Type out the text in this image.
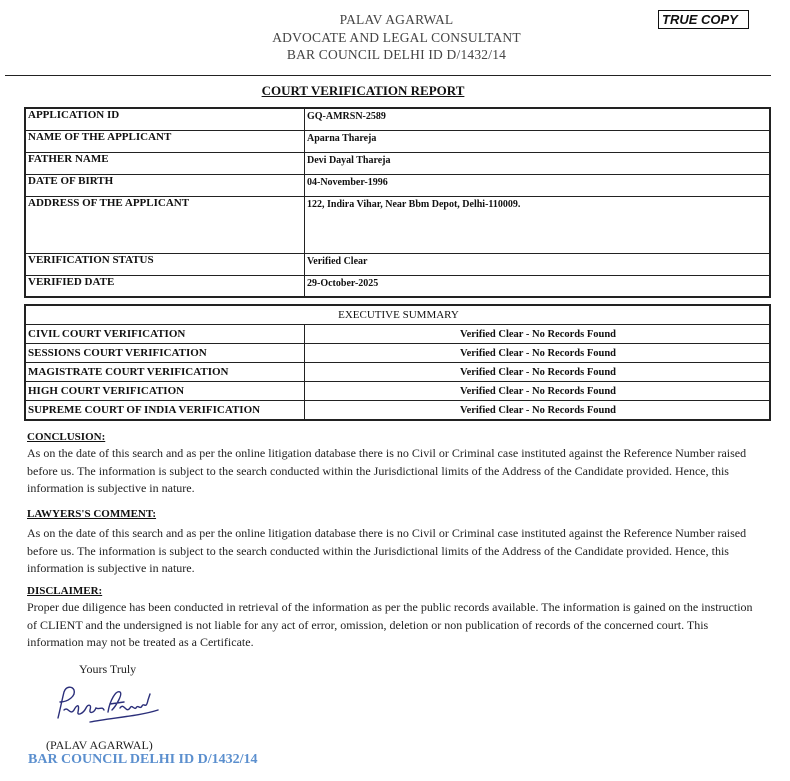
PALAV AGARWAL
ADVOCATE AND LEGAL CONSULTANT
BAR COUNCIL DELHI ID D/1432/14
TRUE COPY
COURT VERIFICATION REPORT
APPLICATION ID	GQ-AMRSN-2589
NAME OF THE APPLICANT	Aparna Thareja
FATHER NAME	Devi Dayal Thareja
DATE OF BIRTH	04-November-1996
ADDRESS OF THE APPLICANT	122, Indira Vihar, Near Bbm Depot, Delhi-110009.
VERIFICATION STATUS	Verified Clear
VERIFIED DATE	29-October-2025
EXECUTIVE SUMMARY	
CIVIL COURT VERIFICATION	Verified Clear - No Records Found
SESSIONS COURT VERIFICATION	Verified Clear - No Records Found
MAGISTRATE COURT VERIFICATION	Verified Clear - No Records Found
HIGH COURT VERIFICATION	Verified Clear - No Records Found
SUPREME COURT OF INDIA VERIFICATION	Verified Clear - No Records Found
CONCLUSION:
As on the date of this search and as per the online litigation database there is no Civil or Criminal case instituted against the Reference Number raised before us. The information is subject to the search conducted within the Jurisdictional limits of the Address of the Candidate provided. Hence, this information is subjective in nature.
LAWYERS'S COMMENT:
As on the date of this search and as per the online litigation database there is no Civil or Criminal case instituted against the Reference Number raised before us. The information is subject to the search conducted within the Jurisdictional limits of the Address of the Candidate provided. Hence, this information is subjective in nature.
DISCLAIMER:
Proper due diligence has been conducted in retrieval of the information as per the public records available. The information is gained on the instruction of CLIENT and the undersigned is not liable for any act of error, omission, deletion or non publication of records of the concerned court. This information may not be treated as a Certificate.
Yours Truly
(PALAV AGARWAL)
BAR COUNCIL DELHI ID D/1432/14
